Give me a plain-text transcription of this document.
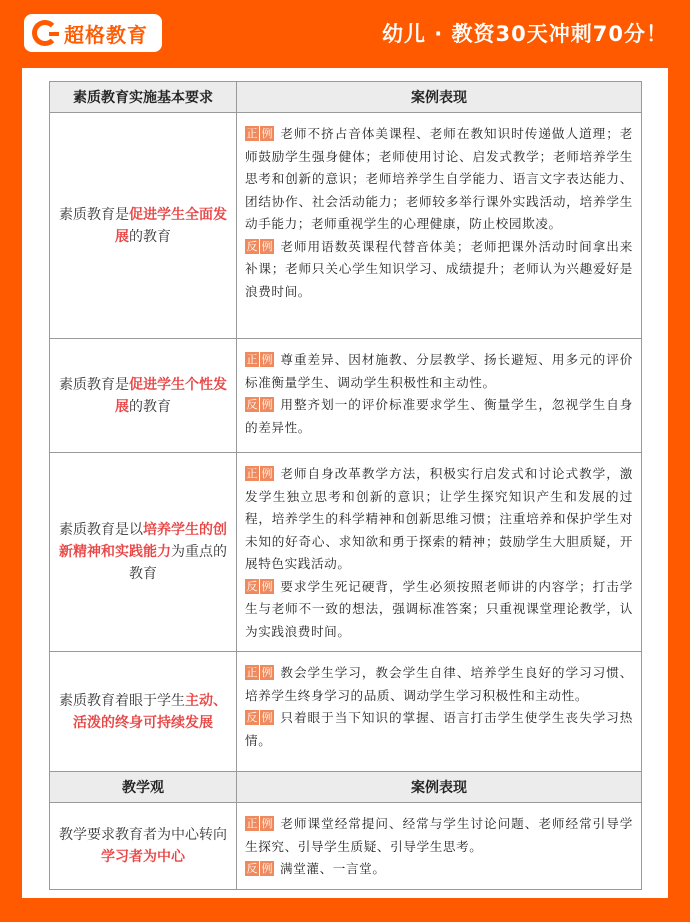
超格教育	幼儿 · 教资30天冲刺70分！
素质教育实施基本要求	案例表现
素质教育是促进学生全面发展的教育	正 例 老师不挤占音体美课程、老师在教知识时传递做人道理；老师鼓励学生强身健体；老师使用讨论、启发式教学；老师培养学生思考和创新的意识；老师培养学生自学能力、语言文字表达能力、团结协作、社会活动能力；老师较多举行课外实践活动，培养学生动手能力；老师重视学生的心理健康，防止校园欺凌。

反 例 老师用语数英课程代替音体美；老师把课外活动时间拿出来补课；老师只关心学生知识学习、成绩提升；老师认为兴趣爱好是浪费时间。

素质教育是促进学生个性发展的教育	正 例 尊重差异、因材施教、分层教学、扬长避短、用多元的评价标准衡量学生、调动学生积极性和主动性。

反 例 用整齐划一的评价标准要求学生、衡量学生，忽视学生自身的差异性。

素质教育是以培养学生的创新精神和实践能力为重点的教育	正 例 老师自身改革教学方法，积极实行启发式和讨论式教学，激发学生独立思考和创新的意识；让学生探究知识产生和发展的过程，培养学生的科学精神和创新思维习惯；注重培养和保护学生对未知的好奇心、求知欲和勇于探索的精神；鼓励学生大胆质疑，开展特色实践活动。

反 例 要求学生死记硬背，学生必须按照老师讲的内容学；打击学生与老师不一致的想法，强调标准答案；只重视课堂理论教学，认为实践浪费时间。

素质教育着眼于学生主动、活泼的终身可持续发展	正 例 教会学生学习，教会学生自律、培养学生良好的学习习惯、培养学生终身学习的品质、调动学生学习积极性和主动性。

反 例 只着眼于当下知识的掌握、语言打击学生使学生丧失学习热情。

教学观	案例表现
教学要求教育者为中心转向学习者为中心	正 例 老师课堂经常提问、经常与学生讨论问题、老师经常引导学生探究、引导学生质疑、引导学生思考。

反 例 满堂灌、一言堂。
